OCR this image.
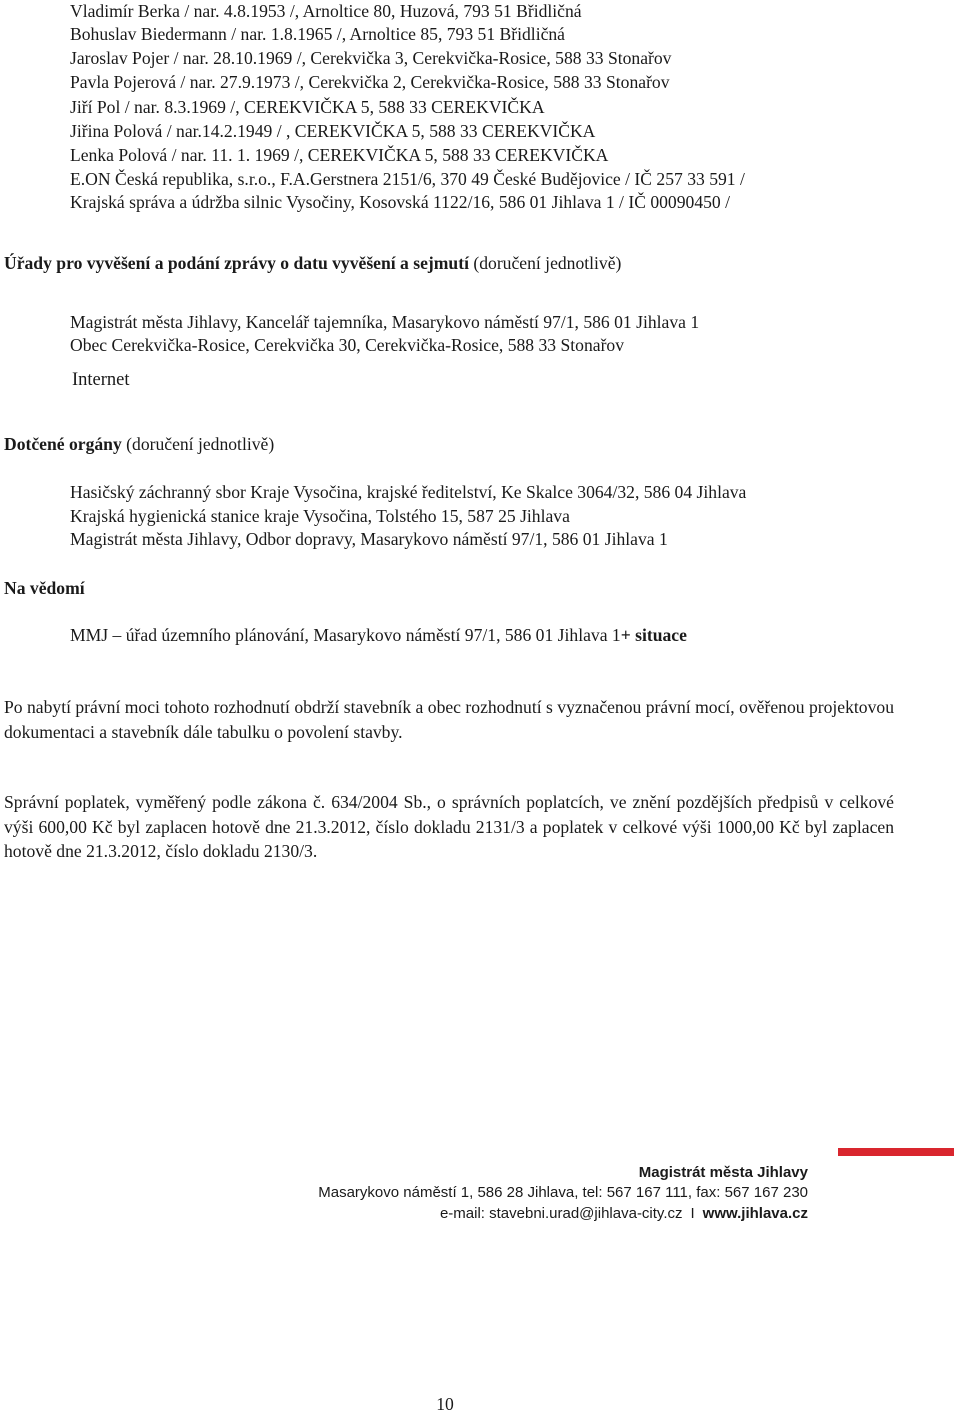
Vladimír Berka / nar. 4.8.1953 /, Arnoltice 80, Huzová, 793 51 Břidličná
Bohuslav Biedermann / nar. 1.8.1965 /, Arnoltice 85, 793 51 Břidličná
Jaroslav Pojer / nar. 28.10.1969 /, Cerekvička 3, Cerekvička-Rosice, 588 33 Stonařov
Pavla Pojerová / nar. 27.9.1973 /, Cerekvička 2, Cerekvička-Rosice, 588 33 Stonařov
Jiří Pol / nar. 8.3.1969 /, CEREKVIČKA 5, 588 33 CEREKVIČKA
Jiřina Polová / nar.14.2.1949 / , CEREKVIČKA 5, 588 33 CEREKVIČKA
Lenka Polová / nar. 11. 1. 1969 /, CEREKVIČKA 5, 588 33 CEREKVIČKA
E.ON Česká republika, s.r.o., F.A.Gerstnera 2151/6, 370 49 České Budějovice / IČ 257 33 591 /
Krajská správa a údržba silnic Vysočiny, Kosovská 1122/16, 586 01 Jihlava 1 / IČ 00090450 /
Úřady pro vyvěšení a podání zprávy o datu vyvěšení a sejmutí (doručení jednotlivě)
Magistrát města Jihlavy, Kancelář tajemníka, Masarykovo náměstí 97/1, 586 01 Jihlava 1
Obec Cerekvička-Rosice, Cerekvička 30, Cerekvička-Rosice, 588 33 Stonařov
Internet
Dotčené orgány (doručení jednotlivě)
Hasičský záchranný sbor Kraje Vysočina, krajské ředitelství, Ke Skalce 3064/32, 586 04 Jihlava
Krajská hygienická stanice kraje Vysočina, Tolstého 15, 587 25 Jihlava
Magistrát města Jihlavy, Odbor dopravy, Masarykovo náměstí 97/1, 586 01 Jihlava 1
Na vědomí
MMJ – úřad územního plánování, Masarykovo náměstí 97/1, 586 01 Jihlava 1+ situace
Po nabytí právní moci tohoto rozhodnutí obdrží stavebník a obec rozhodnutí s vyznačenou právní mocí, ověřenou projektovou dokumentaci a stavebník dále tabulku o povolení stavby.
Správní poplatek, vyměřený podle zákona č. 634/2004 Sb., o správních poplatcích, ve znění pozdějších předpisů v celkové výši 600,00 Kč byl zaplacen hotově dne 21.3.2012, číslo dokladu 2131/3 a poplatek v celkové výši 1000,00 Kč byl zaplacen hotově dne 21.3.2012, číslo dokladu 2130/3.
Magistrát města Jihlavy
Masarykovo náměstí 1, 586 28 Jihlava, tel: 567 167 111, fax: 567 167 230
e-mail: stavebni.urad@jihlava-city.cz I www.jihlava.cz
10
